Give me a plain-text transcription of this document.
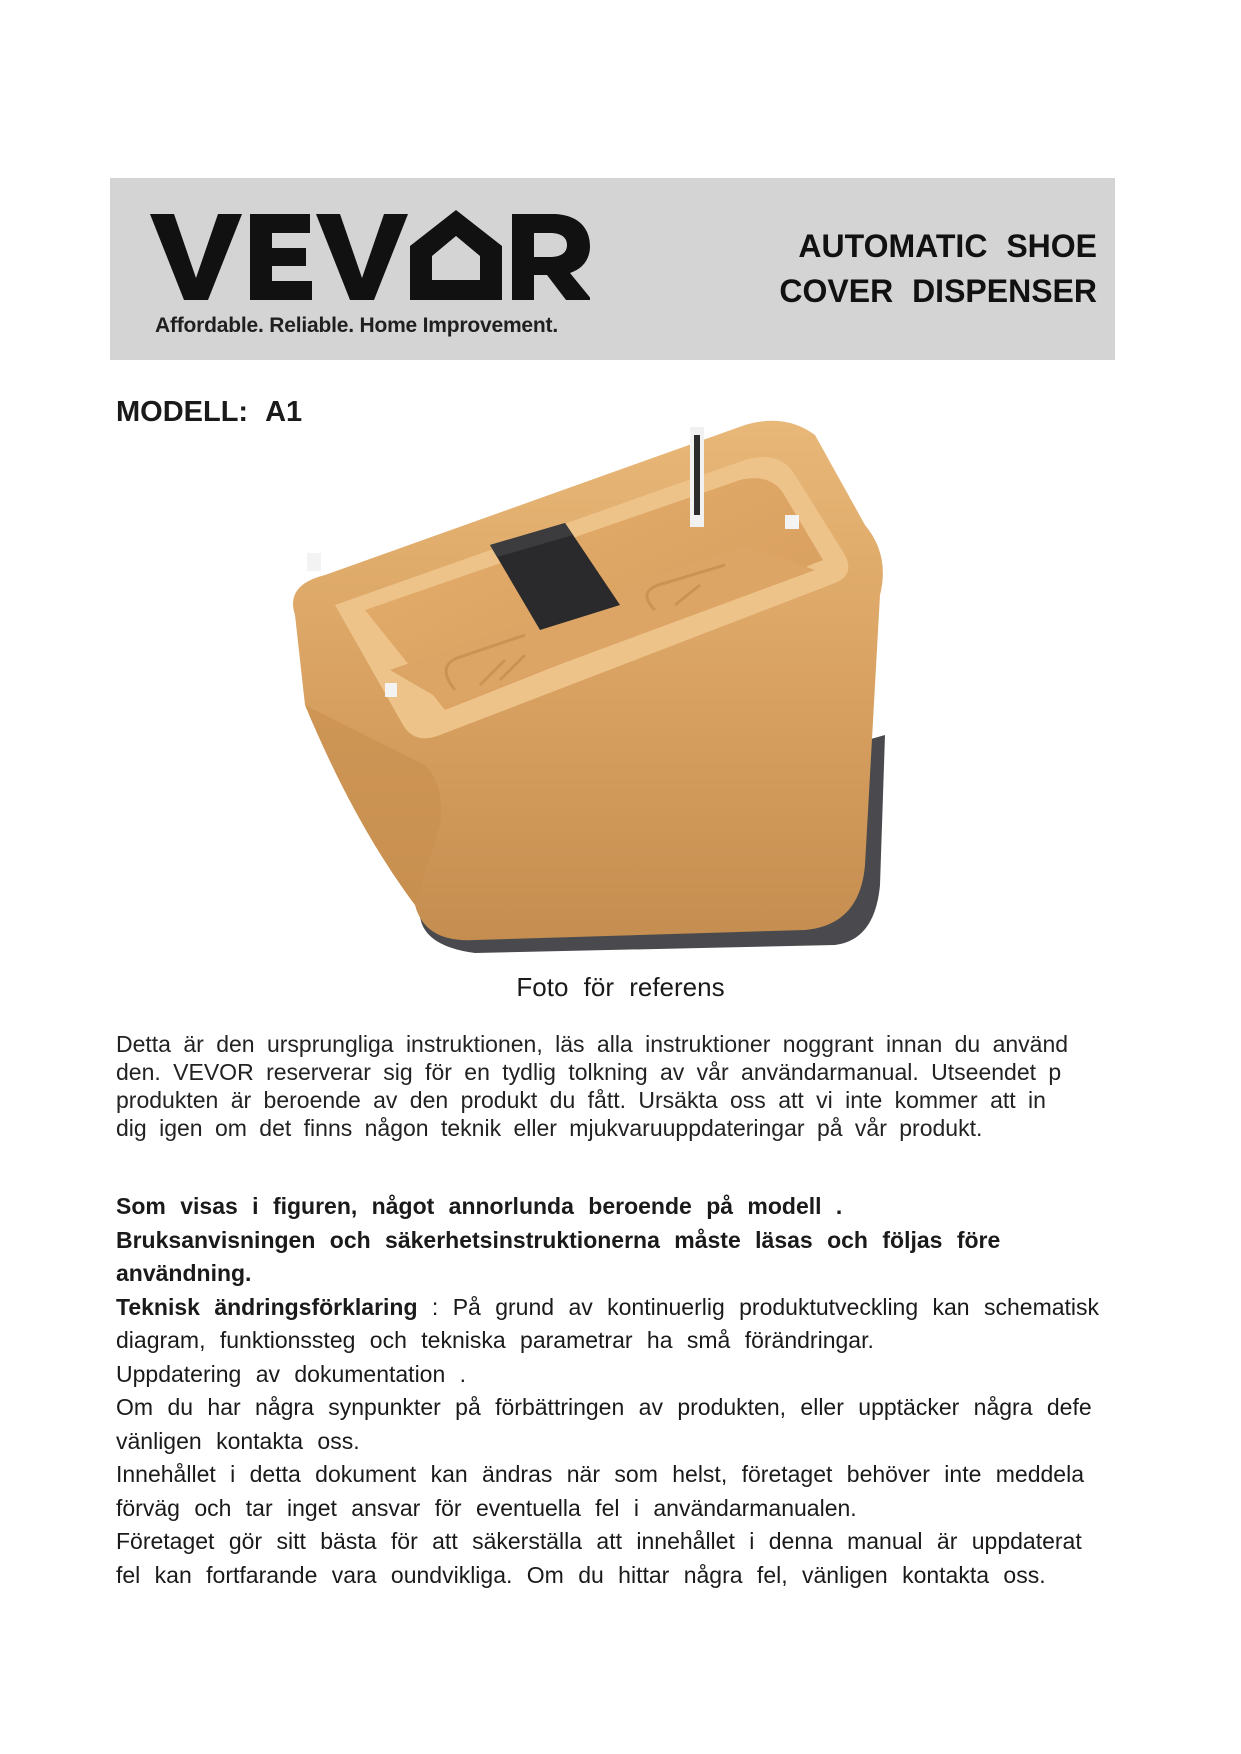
Affordable. Reliable. Home Improvement.
AUTOMATIC SHOE
COVER DISPENSER
MODELL: A1
Foto för referens
Detta är den ursprungliga instruktionen, läs alla instruktioner noggrant innan du använd
den. VEVOR reserverar sig för en tydlig tolkning av vår användarmanual. Utseendet p
produkten är beroende av den produkt du fått. Ursäkta oss att vi inte kommer att in
dig igen om det finns någon teknik eller mjukvaruuppdateringar på vår produkt.
Som visas i figuren, något annorlunda beroende på modell .
Bruksanvisningen och säkerhetsinstruktionerna måste läsas och följas före
användning.
Teknisk ändringsförklaring : På grund av kontinuerlig produktutveckling kan schematisk
diagram, funktionssteg och tekniska parametrar ha små förändringar.
Uppdatering av dokumentation .
Om du har några synpunkter på förbättringen av produkten, eller upptäcker några defe
vänligen kontakta oss.
Innehållet i detta dokument kan ändras när som helst, företaget behöver inte meddela
förväg och tar inget ansvar för eventuella fel i användarmanualen.
Företaget gör sitt bästa för att säkerställa att innehållet i denna manual är uppdaterat
fel kan fortfarande vara oundvikliga. Om du hittar några fel, vänligen kontakta oss.
